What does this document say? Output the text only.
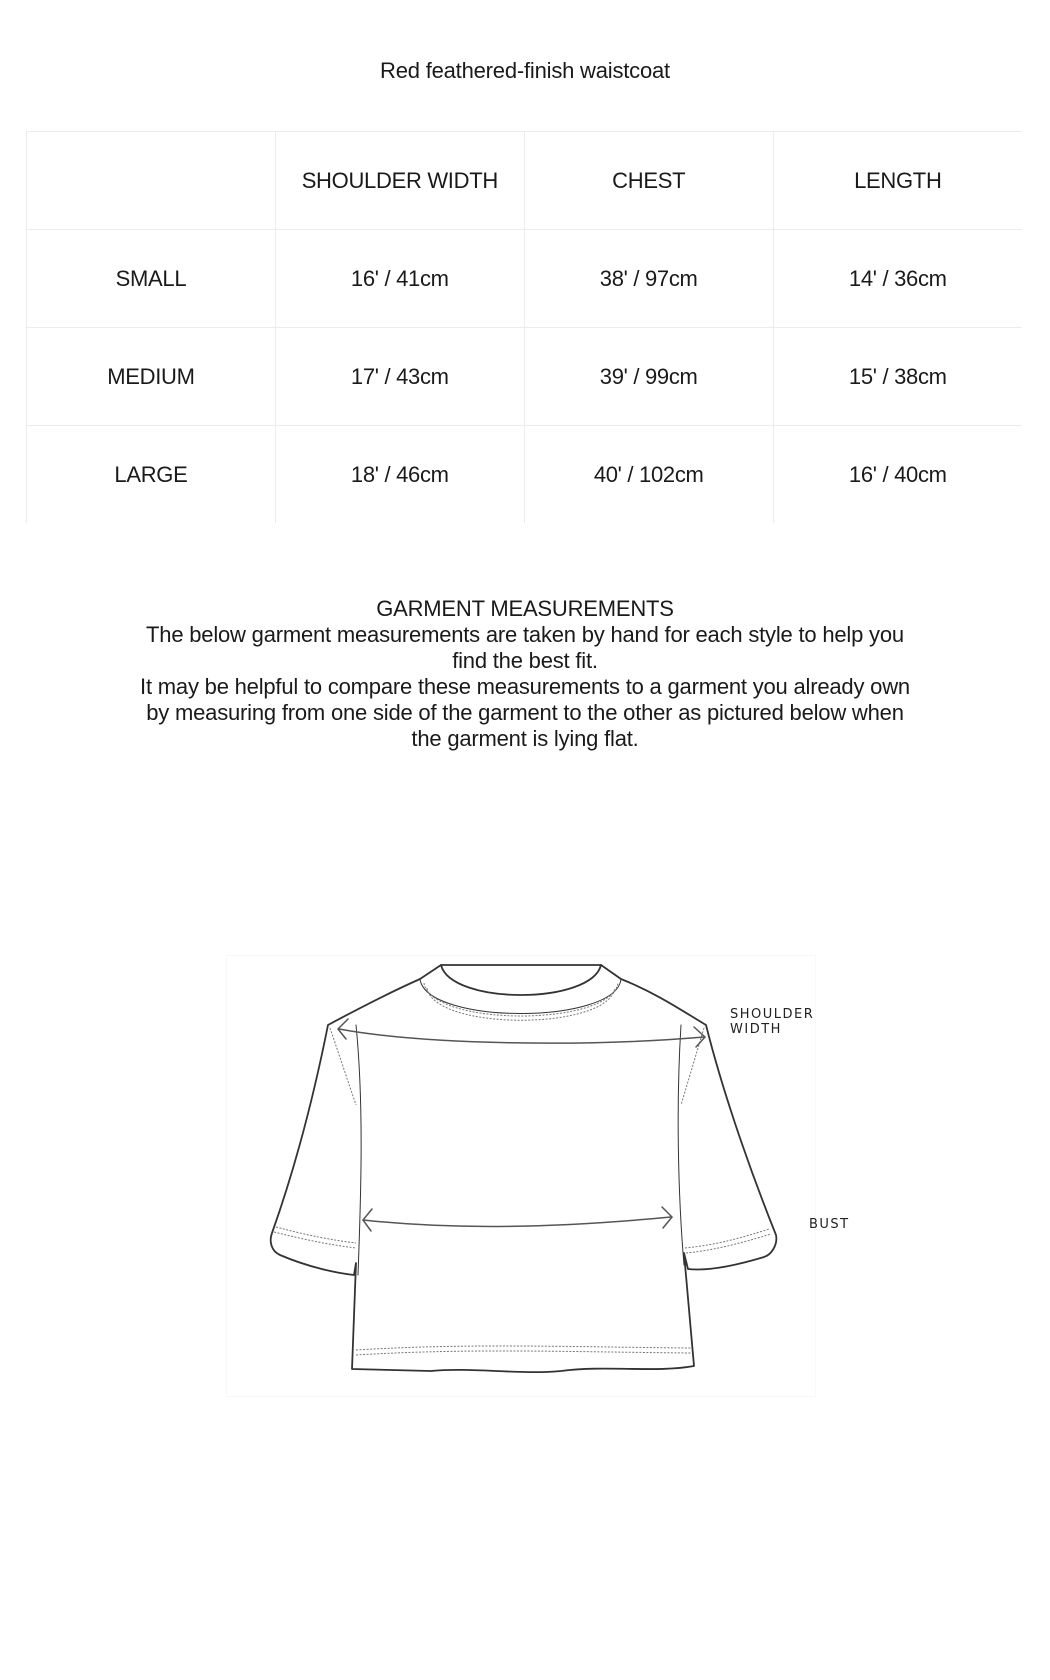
Red feathered-finish waistcoat
	SHOULDER WIDTH	CHEST	LENGTH
SMALL	16' / 41cm	38' / 97cm	14' / 36cm
MEDIUM	17' / 43cm	39' / 99cm	15' / 38cm
LARGE	18' / 46cm	40' / 102cm	16' / 40cm

GARMENT MEASUREMENTS

The below garment measurements are taken by hand for each style to help you find the best fit.

It may be helpful to compare these measurements to a garment you already own by measuring from one side of the garment to the other as pictured below when the garment is lying flat.

SHOULDER WIDTH
BUST
